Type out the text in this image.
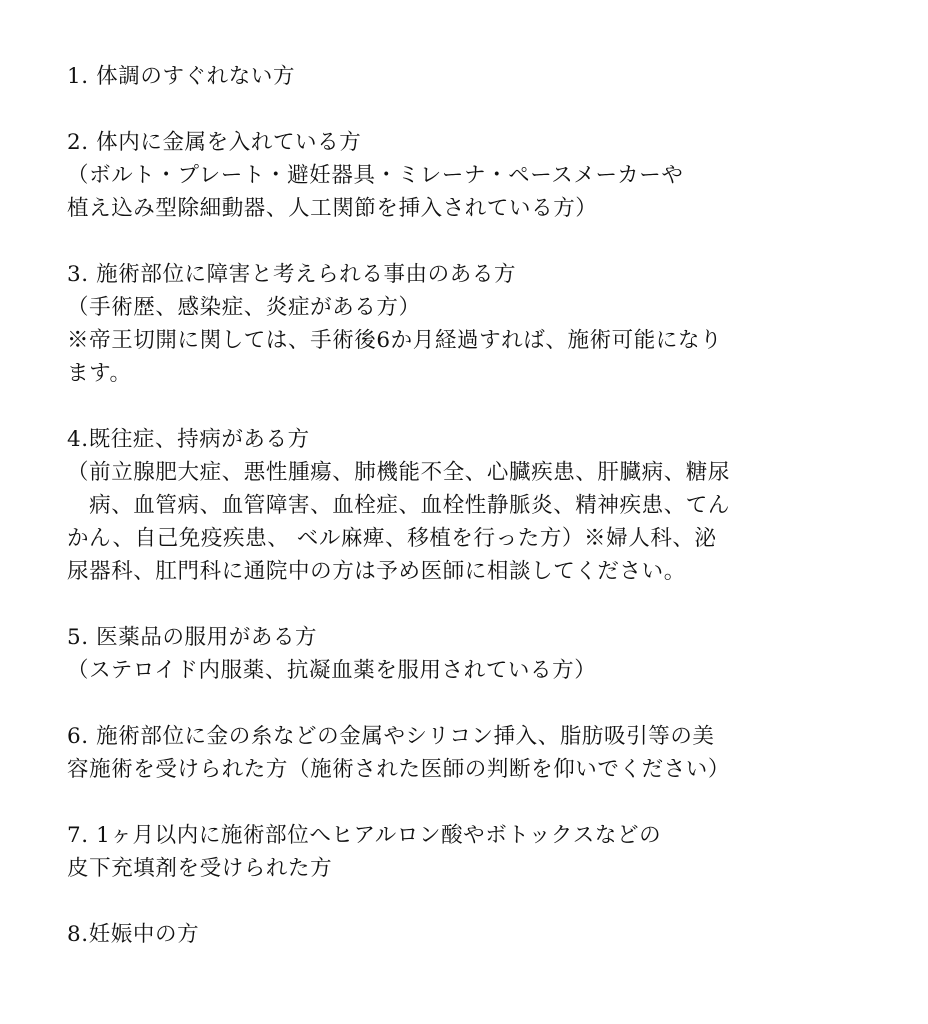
1. 体調のすぐれない方
2. 体内に金属を入れている方
（ボルト・プレート・避妊器具・ミレーナ・ペースメーカーや
植え込み型除細動器、人工関節を挿入されている方）
3. 施術部位に障害と考えられる事由のある方
（手術歴、感染症、炎症がある方）
※帝王切開に関しては、手術後6か月経過すれば、施術可能になり
ます。
4.既往症、持病がある方
（前立腺肥大症、悪性腫瘍、肺機能不全、心臓疾患、肝臓病、糖尿
　病、血管病、血管障害、血栓症、血栓性静脈炎、精神疾患、てん
かん、自己免疫疾患、 ベル麻痺、移植を行った方）※婦人科、泌
尿器科、肛門科に通院中の方は予め医師に相談してください。
5. 医薬品の服用がある方
（ステロイド内服薬、抗凝血薬を服用されている方）
6. 施術部位に金の糸などの金属やシリコン挿入、脂肪吸引等の美
容施術を受けられた方（施術された医師の判断を仰いでください）
7. 1ヶ月以内に施術部位へヒアルロン酸やボトックスなどの
皮下充填剤を受けられた方
8.妊娠中の方
